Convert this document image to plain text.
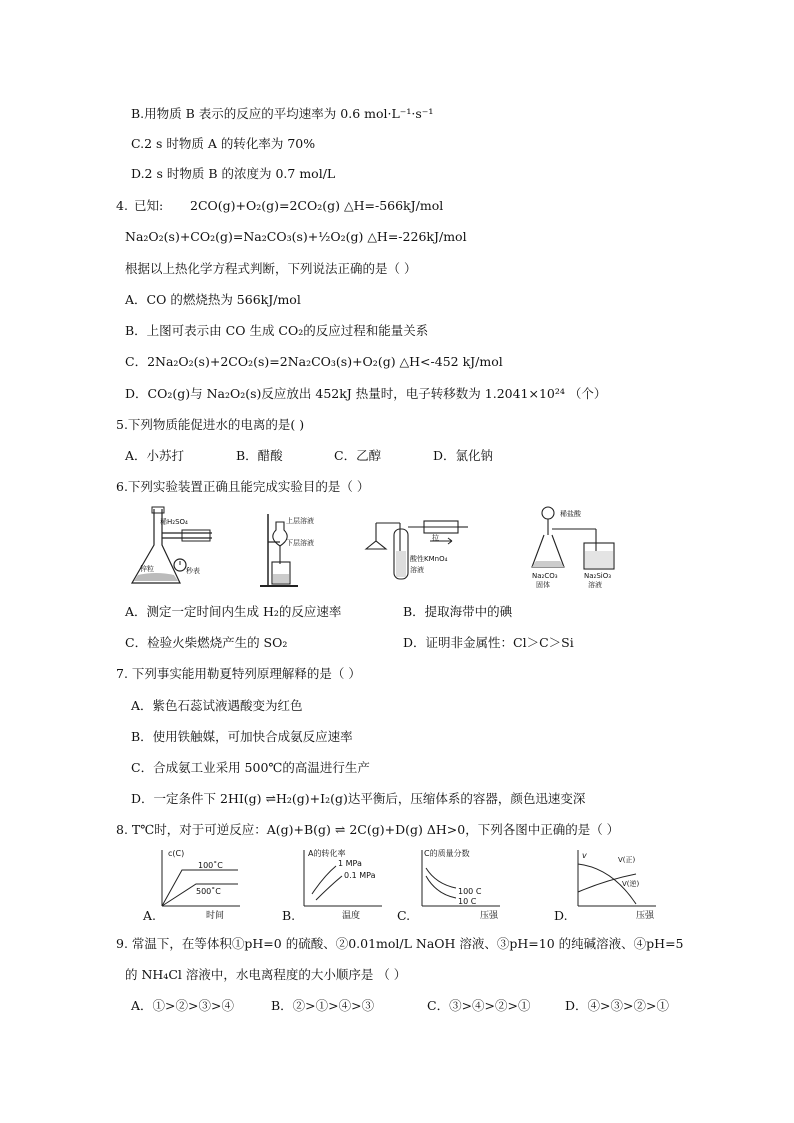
B.用物质 B 表示的反应的平均速率为 0.6 mol·L⁻¹·s⁻¹
C.2 s 时物质 A 的转化率为 70%
D.2 s 时物质 B 的浓度为 0.7 mol/L
4. 已知: 2CO(g)+O₂(g)=2CO₂(g) △H=-566kJ/mol
Na₂O₂(s)+CO₂(g)=Na₂CO₃(s)+½O₂(g) △H=-226kJ/mol
根据以上热化学方程式判断，下列说法正确的是（ ）
A．CO 的燃烧热为 566kJ/mol
B．上图可表示由 CO 生成 CO₂的反应过程和能量关系
C．2Na₂O₂(s)+2CO₂(s)=2Na₂CO₃(s)+O₂(g) △H<-452 kJ/mol
D．CO₂(g)与 Na₂O₂(s)反应放出 452kJ 热量时，电子转移数为 1.2041×10²⁴ （个）
5.下列物质能促进水的电离的是( )
A．小苏打	B．醋酸	C．乙醇	D．氯化钠
6.下列实验装置正确且能完成实验目的是（ ）
稀H₂SO₄
锌粒	秒表
上层溶液
下层溶液
拉
酸性KMnO₄
溶液
稀盐酸
Na₂CO₃
固体
Na₂SiO₃
溶液
A．测定一定时间内生成 H₂的反应速率	B．提取海带中的碘
C．检验火柴燃烧产生的 SO₂	D．证明非金属性：Cl＞C＞Si
7. 下列事实能用勒夏特列原理解释的是（ ）
A．紫色石蕊试液遇酸变为红色
B．使用铁触媒，可加快合成氨反应速率
C．合成氨工业采用 500℃的高温进行生产
D．一定条件下 2HI(g) ⇌H₂(g)+I₂(g)达平衡后，压缩体系的容器，颜色迅速变深
8. T℃时，对于可逆反应：A(g)+B(g) ⇌ 2C(g)+D(g) ΔH>0，下列各图中正确的是（ ）
c(C)
100˚C
500˚C
时间
A.
A的转化率
1 MPa
0.1 MPa
温度
B.
C的质量分数
100 C
10 C
压强
C.
v	V(正)
V(逆)
压强
D.
9. 常温下，在等体积①pH=0 的硫酸、②0.01mol/L NaOH 溶液、③pH=10 的纯碱溶液、④pH=5
的 NH₄Cl 溶液中，水电离程度的大小顺序是 （ ）
A．①>②>③>④	B．②>①>④>③	C．③>④>②>①	D．④>③>②>①
